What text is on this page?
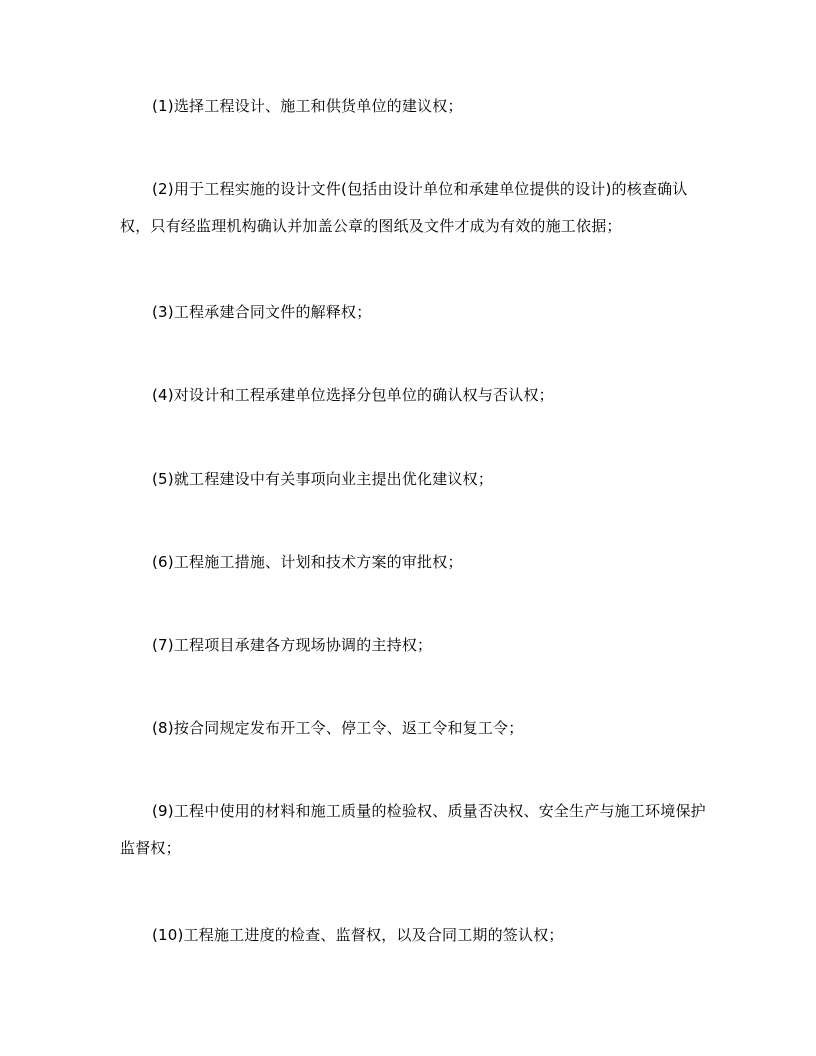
(1)选择工程设计、施工和供货单位的建议权；

(2)用于工程实施的设计文件(包括由设计单位和承建单位提供的设计)的核查确认权，只有经监理机构确认并加盖公章的图纸及文件才成为有效的施工依据；

(3)工程承建合同文件的解释权；

(4)对设计和工程承建单位选择分包单位的确认权与否认权；

(5)就工程建设中有关事项向业主提出优化建议权；

(6)工程施工措施、计划和技术方案的审批权；

(7)工程项目承建各方现场协调的主持权；

(8)按合同规定发布开工令、停工令、返工令和复工令；

(9)工程中使用的材料和施工质量的检验权、质量否决权、安全生产与施工环境保护监督权；

(10)工程施工进度的检查、监督权，以及合同工期的签认权；
